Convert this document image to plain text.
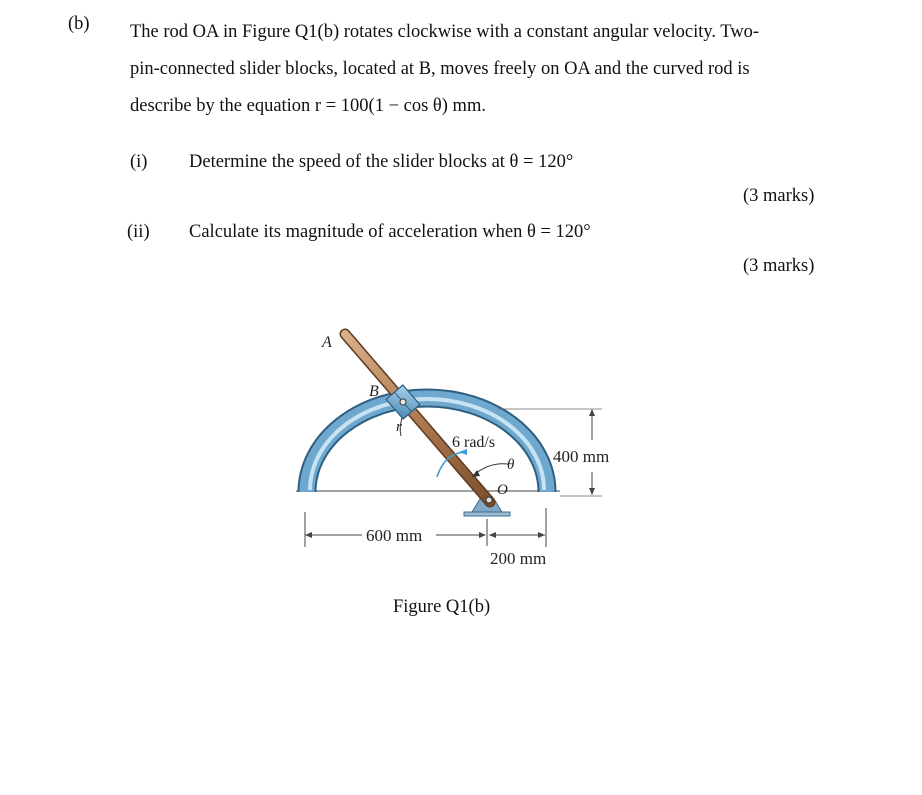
(b) The rod OA in Figure Q1(b) rotates clockwise with a constant angular velocity. Two-
pin-connected slider blocks, located at B, moves freely on OA and the curved rod is
describe by the equation r = 100(1 − cos θ) mm.
(i) Determine the speed of the slider blocks at θ = 120°
(3 marks)
(ii) Calculate its magnitude of acceleration when θ = 120°
(3 marks)
A
B
r
6 rad/s
θ
O
400 mm
600 mm
200 mm
Figure Q1(b)
